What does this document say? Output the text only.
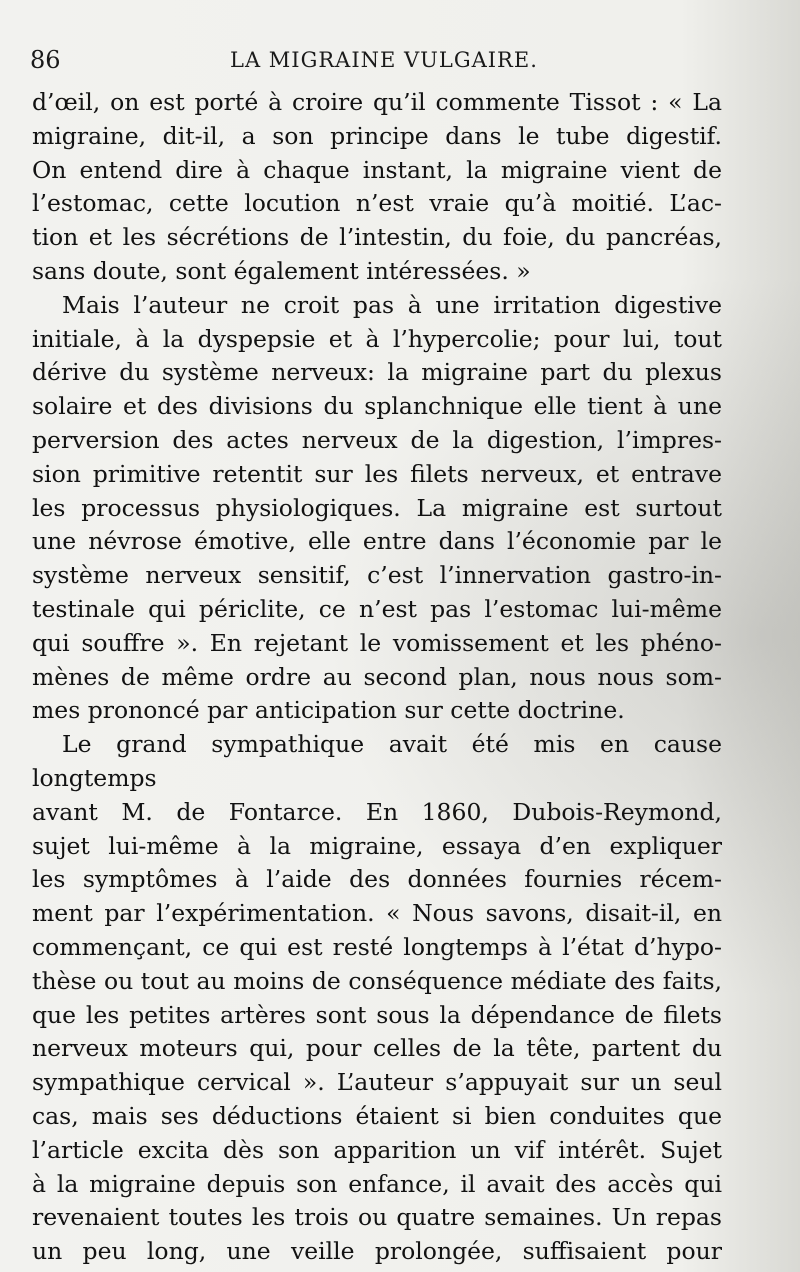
86	LA MIGRAINE VULGAIRE.

d’œil, on est porté à croire qu’il commente Tissot : « La

migraine, dit-il, a son principe dans le tube digestif.

On entend dire à chaque instant, la migraine vient de

l’estomac, cette locution n’est vraie qu’à moitié. L’ac-

tion et les sécrétions de l’intestin, du foie, du pancréas,

sans doute, sont également intéressées. »

Mais l’auteur ne croit pas à une irritation digestive

initiale, à la dyspepsie et à l’hypercolie; pour lui, tout

dérive du système nerveux: la migraine part du plexus

solaire et des divisions du splanchnique elle tient à une

perversion des actes nerveux de la digestion, l’impres-

sion primitive retentit sur les filets nerveux, et entrave

les processus physiologiques. La migraine est surtout

une névrose émotive, elle entre dans l’économie par le

système nerveux sensitif, c’est l’innervation gastro-in-

testinale qui périclite, ce n’est pas l’estomac lui-même

qui souffre ». En rejetant le vomissement et les phéno-

mènes de même ordre au second plan, nous nous som-

mes prononcé par anticipation sur cette doctrine.

Le grand sympathique avait été mis en cause longtemps

avant M. de Fontarce. En 1860, Dubois-Reymond,

sujet lui-même à la migraine, essaya d’en expliquer

les symptômes à l’aide des données fournies récem-

ment par l’expérimentation. « Nous savons, disait-il, en

commençant, ce qui est resté longtemps à l’état d’hypo-

thèse ou tout au moins de conséquence médiate des faits,

que les petites artères sont sous la dépendance de filets

nerveux moteurs qui, pour celles de la tête, partent du

sympathique cervical ». L’auteur s’appuyait sur un seul

cas, mais ses déductions étaient si bien conduites que

l’article excita dès son apparition un vif intérêt. Sujet

à la migraine depuis son enfance, il avait des accès qui

revenaient toutes les trois ou quatre semaines. Un repas

un peu long, une veille prolongée, suffisaient pour
